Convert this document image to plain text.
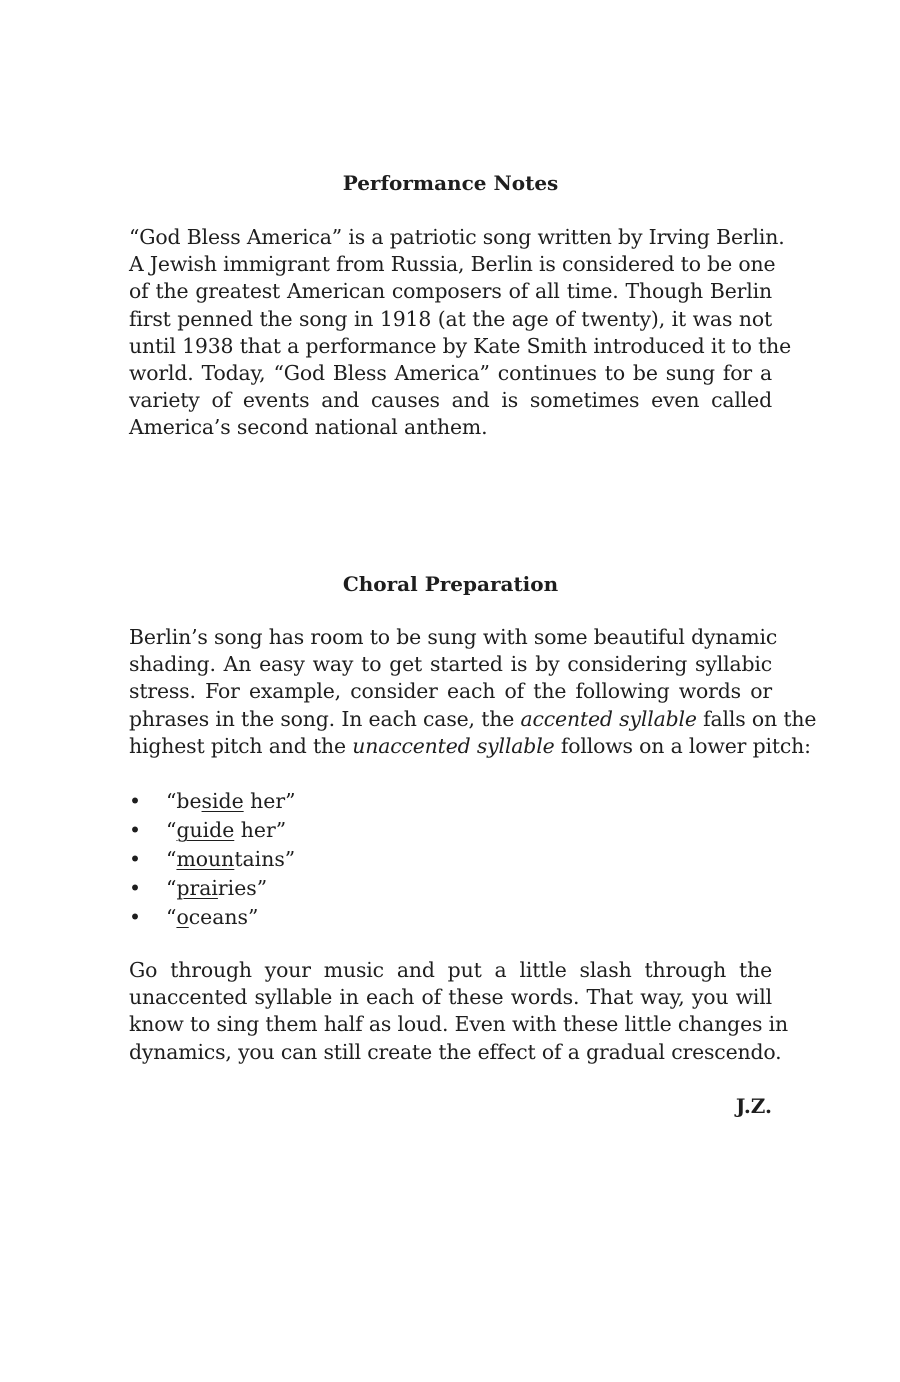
Performance Notes
“God Bless America” is a patriotic song written by Irving Berlin.
A Jewish immigrant from Russia, Berlin is considered to be one
of the greatest American composers of all time. Though Berlin
first penned the song in 1918 (at the age of twenty), it was not
until 1938 that a performance by Kate Smith introduced it to the
world. Today, “God Bless America” continues to be sung for a
variety of events and causes and is sometimes even called
America’s second national anthem.
Choral Preparation
Berlin’s song has room to be sung with some beautiful dynamic
shading. An easy way to get started is by considering syllabic
stress. For example, consider each of the following words or
phrases in the song. In each case, the accented syllable falls on the
highest pitch and the unaccented syllable follows on a lower pitch:
• “beside her”
• “guide her”
• “mountains”
• “prairies”
• “oceans”
Go through your music and put a little slash through the
unaccented syllable in each of these words. That way, you will
know to sing them half as loud. Even with these little changes in
dynamics, you can still create the effect of a gradual crescendo.

J.Z.
